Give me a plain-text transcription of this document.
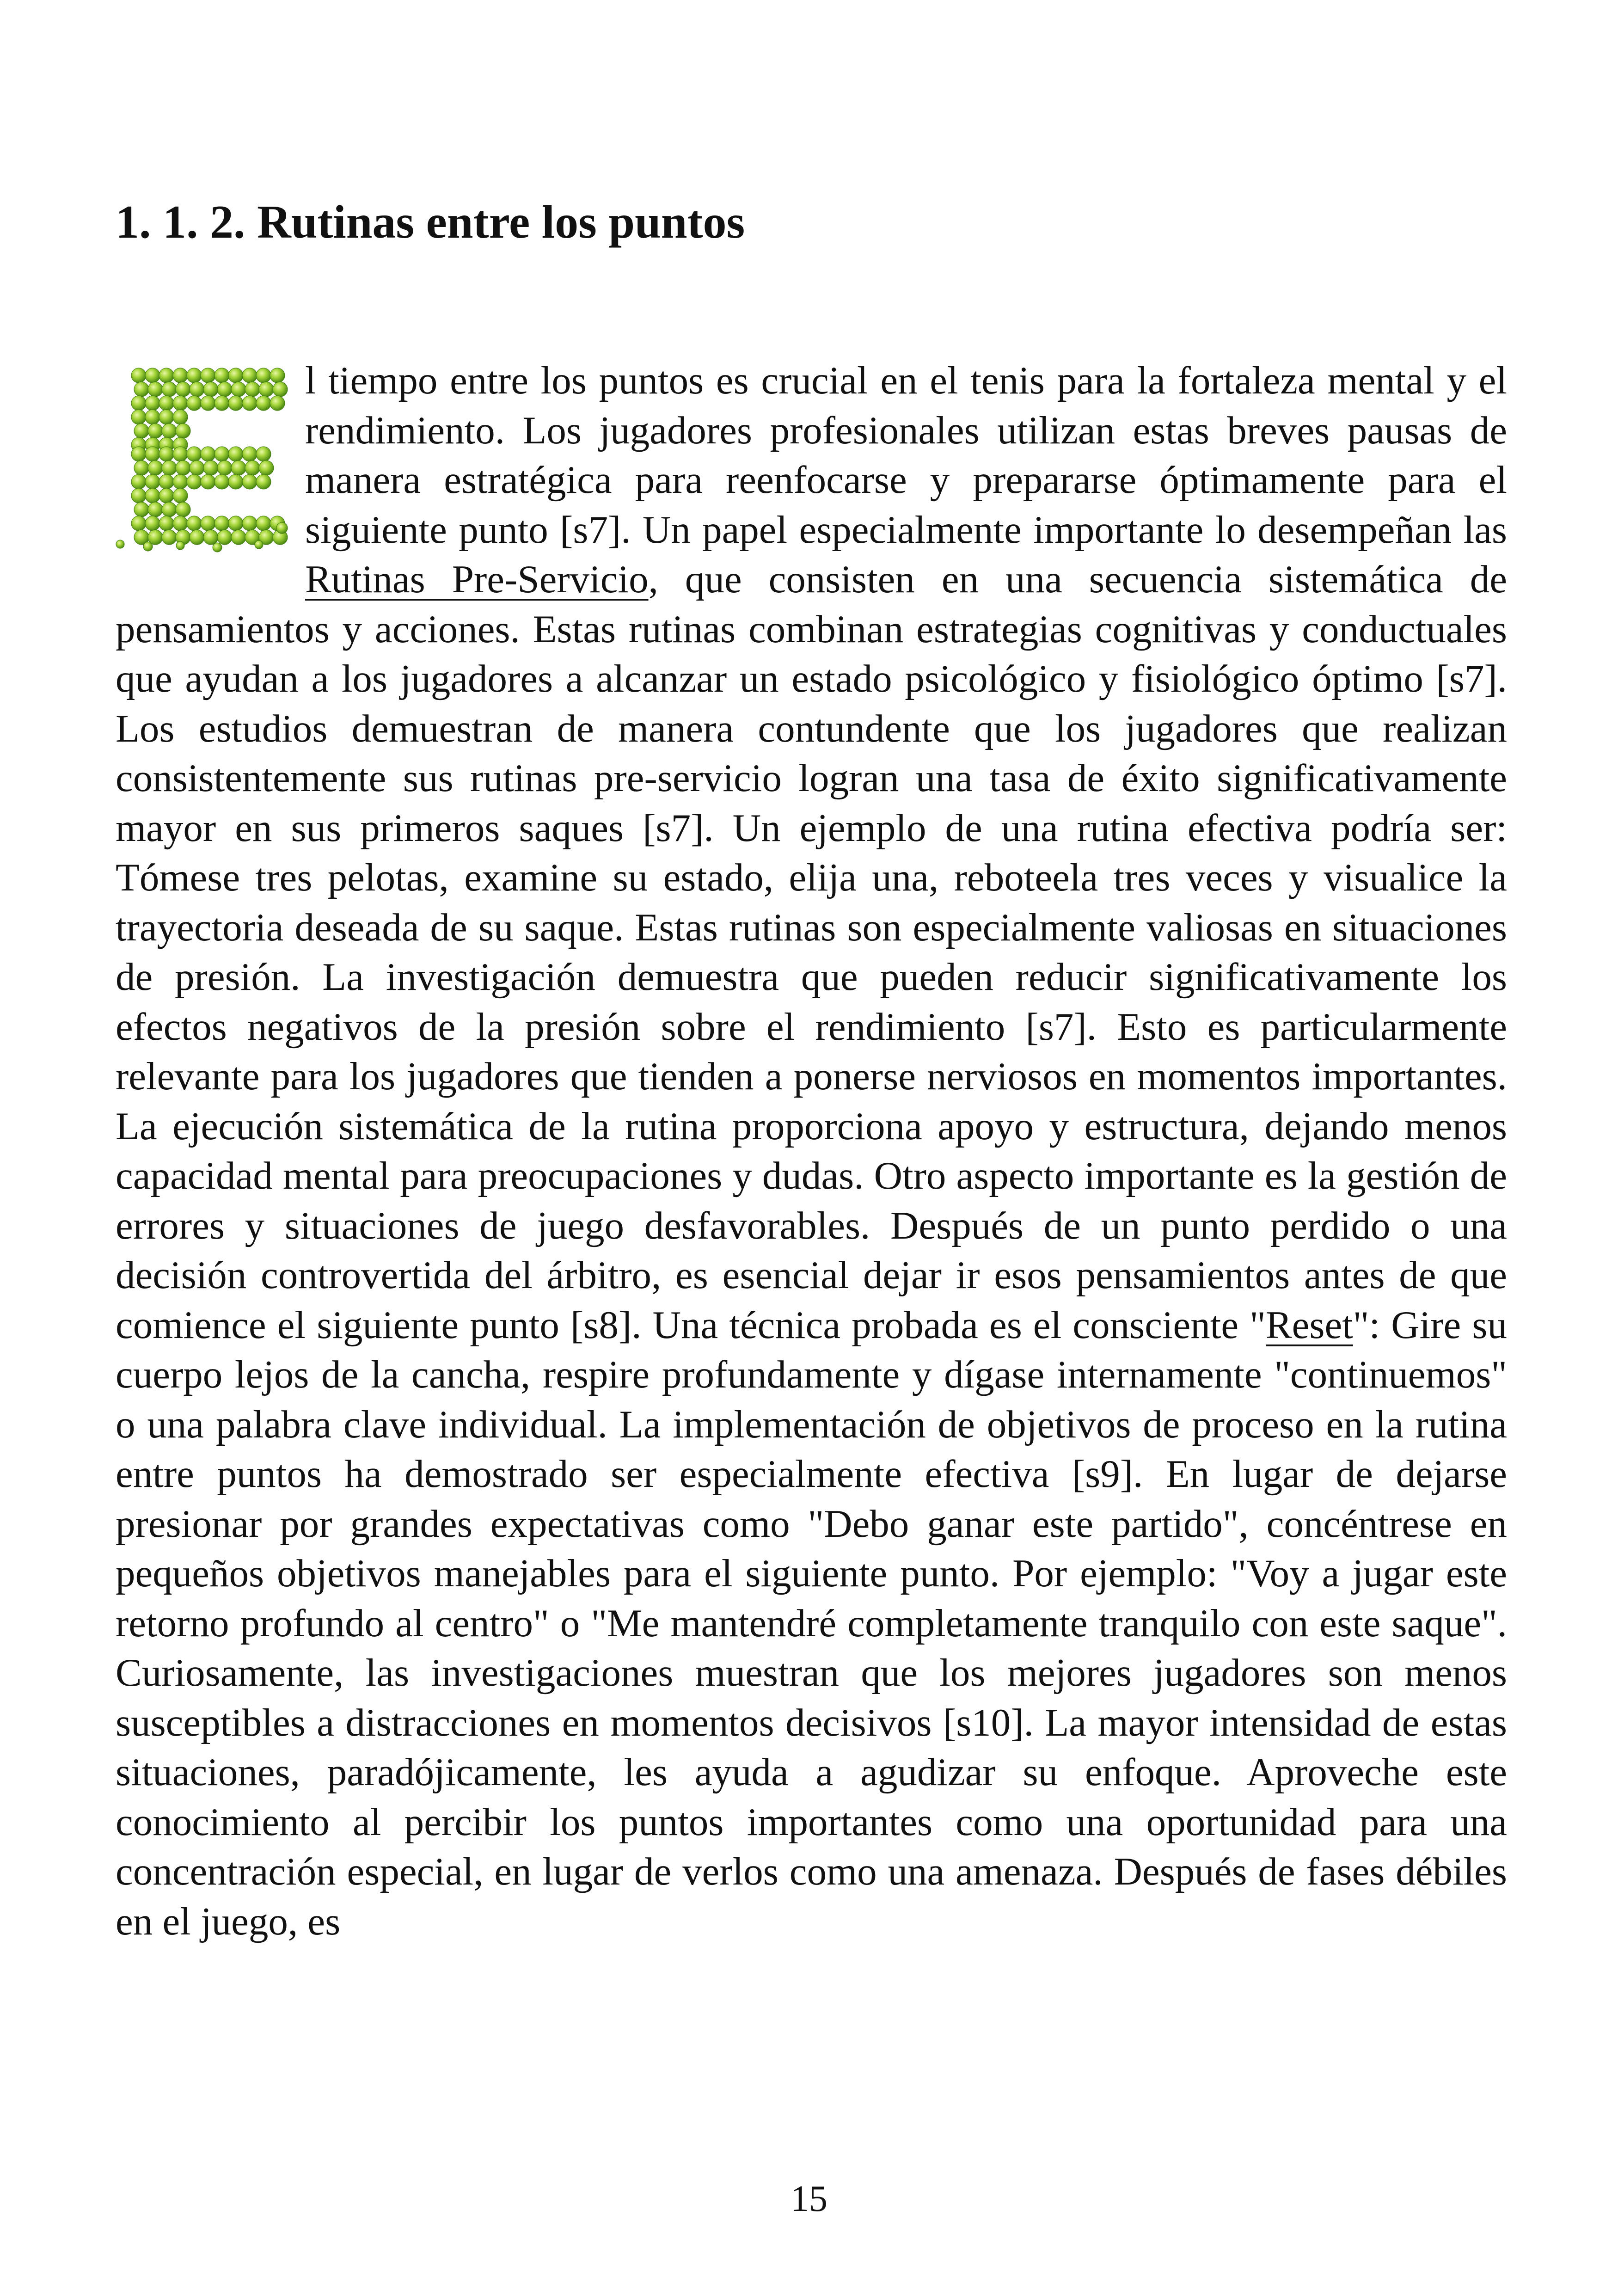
1. 1. 2. Rutinas entre los puntos

l tiempo entre los puntos es crucial en el tenis para la fortaleza mental y el rendimiento. Los jugadores profesionales utilizan estas breves pausas de manera estratégica para reenfocarse y prepararse óptimamente para el siguiente punto [s7]. Un papel especialmente importante lo desempeñan las Rutinas Pre-Servicio, que consisten en una secuencia sistemática de pensamientos y acciones. Estas rutinas combinan estrategias cognitivas y conductuales que ayudan a los jugadores a alcanzar un estado psicológico y fisiológico óptimo [s7]. Los estudios demuestran de manera contundente que los jugadores que realizan consistentemente sus rutinas pre-servicio logran una tasa de éxito significativamente mayor en sus primeros saques [s7]. Un ejemplo de una rutina efectiva podría ser: Tómese tres pelotas, examine su estado, elija una, reboteela tres veces y visualice la trayectoria deseada de su saque. Estas rutinas son especialmente valiosas en situaciones de presión. La investigación demuestra que pueden reducir significativamente los efectos negativos de la presión sobre el rendimiento [s7]. Esto es particularmente relevante para los jugadores que tienden a ponerse nerviosos en momentos importantes. La ejecución sistemática de la rutina proporciona apoyo y estructura, dejando menos capacidad mental para preocupaciones y dudas. Otro aspecto importante es la gestión de errores y situaciones de juego desfavorables. Después de un punto perdido o una decisión controvertida del árbitro, es esencial dejar ir esos pensamientos antes de que comience el siguiente punto [s8]. Una técnica probada es el consciente "Reset": Gire su cuerpo lejos de la cancha, respire profundamente y dígase internamente "continuemos" o una palabra clave individual. La implementación de objetivos de proceso en la rutina entre puntos ha demostrado ser especialmente efectiva [s9]. En lugar de dejarse presionar por grandes expectativas como "Debo ganar este partido", concéntrese en pequeños objetivos manejables para el siguiente punto. Por ejemplo: "Voy a jugar este retorno profundo al centro" o "Me mantendré completamente tranquilo con este saque". Curiosamente, las investigaciones muestran que los mejores jugadores son menos susceptibles a distracciones en momentos decisivos [s10]. La mayor intensidad de estas situaciones, paradójicamente, les ayuda a agudizar su enfoque. Aproveche este conocimiento al percibir los puntos importantes como una oportunidad para una concentración especial, en lugar de verlos como una amenaza. Después de fases débiles en el juego, es

15
